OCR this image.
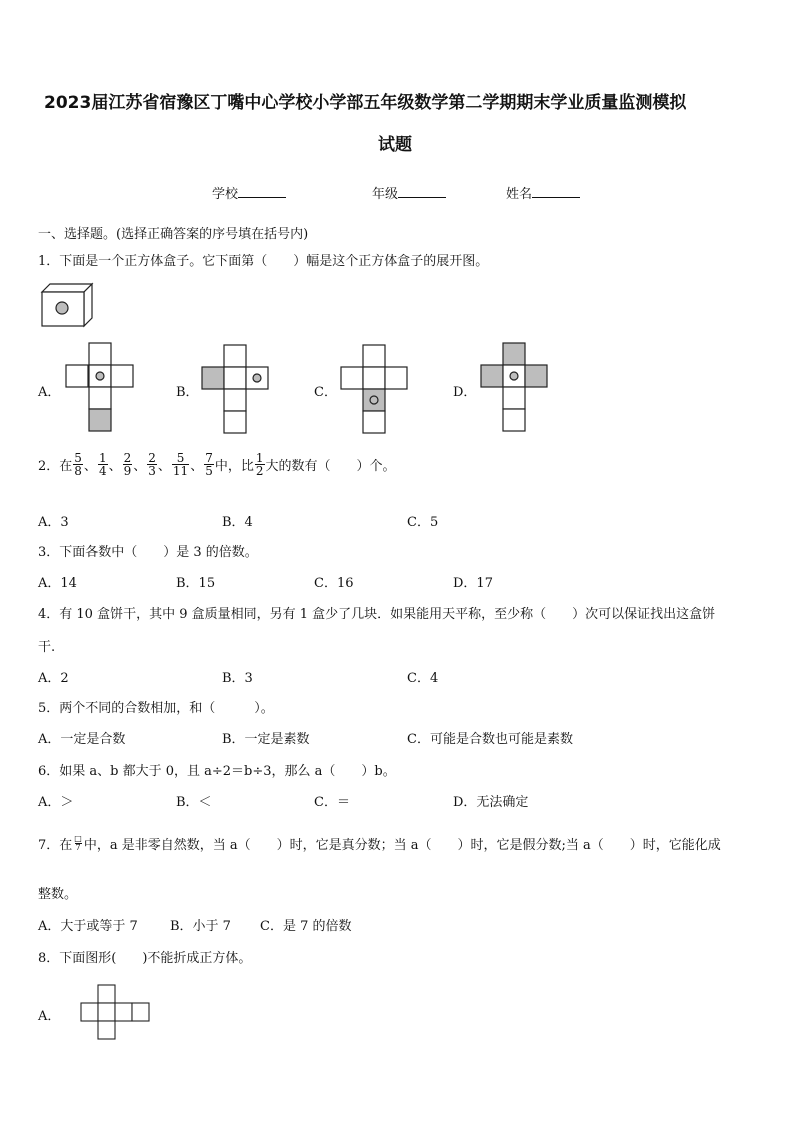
2023届江苏省宿豫区丁嘴中心学校小学部五年级数学第二学期期末学业质量监测模拟
试题
学校	年级	姓名
一、选择题。(选择正确答案的序号填在括号内)
1．下面是一个正方体盒子。它下面第（　　）幅是这个正方体盒子的展开图。
A．	B．	C．	D．
2．在 $\frac{5}{8}$ 、 $\frac{1}{4}$ 、 $\frac{2}{9}$ 、 $\frac{2}{3}$ 、 $\frac{5}{11}$ 、 $\frac{7}{5}$ 中，比 $\frac{1}{2}$ 大的数有（　　）个。
A．3	B．4	C．5
3．下面各数中（　　）是 3 的倍数。
A．14	B．15	C．16	D．17
4．有 10 盒饼干，其中 9 盒质量相同，另有 1 盒少了几块．如果能用天平称，至少称（　　）次可以保证找出这盒饼
干.
A．2	B．3	C．4
5．两个不同的合数相加，和（　　　）。
A．一定是合数	B．一定是素数	C．可能是合数也可能是素数
6．如果 a、b 都大于 0，且 a÷2＝b÷3，那么 a（　　）b。
A．＞	B．＜	C．＝	D．无法确定
7．在 $\frac{□}{7}$ 中，a 是非零自然数，当 a（　　）时，它是真分数；当 a（　　）时，它是假分数;当 a（　　）时，它能化成
整数。
A．大于或等于 7 B．小于 7 C．是 7 的倍数
8．下面图形(　　)不能折成正方体。
A．
